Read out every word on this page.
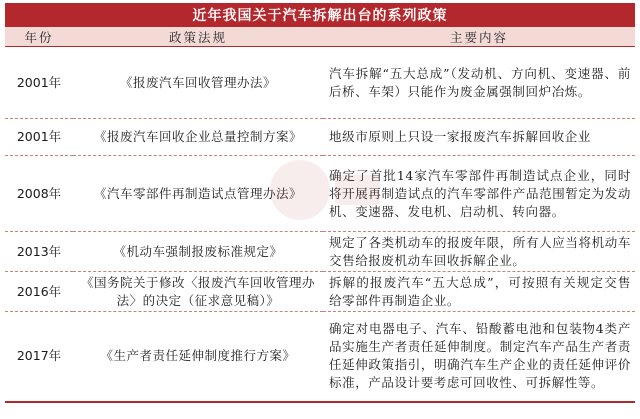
近年我国关于汽车拆解出台的系列政策
年份	政策法规	主要内容
2001年	《报废汽车回收管理办法》	汽车拆解“五大总成”（发动机、方向机、变速器、前后桥、车架）只能作为废金属强制回炉冶炼。
2001年	《报废汽车回收企业总量控制方案》	地级市原则上只设一家报废汽车拆解回收企业
2008年	《汽车零部件再制造试点管理办法》	确定了首批14家汽车零部件再制造试点企业，同时将开展再制造试点的汽车零部件产品范围暂定为发动机、变速器、发电机、启动机、转向器。
2013年	《机动车强制报废标准规定》	规定了各类机动车的报废年限，所有人应当将机动车交售给报废机动车回收拆解企业。
2016年	《国务院关于修改〈报废汽车回收管理办法〉的决定（征求意见稿）》	拆解的报废汽车“五大总成”，可按照有关规定交售给零部件再制造企业。
2017年	《生产者责任延伸制度推行方案》	确定对电器电子、汽车、铅酸蓄电池和包装物4类产品实施生产者责任延伸制度。制定汽车产品生产者责任延伸政策指引，明确汽车生产企业的责任延伸评价标准，产品设计要考虑可回收性、可拆解性等。
